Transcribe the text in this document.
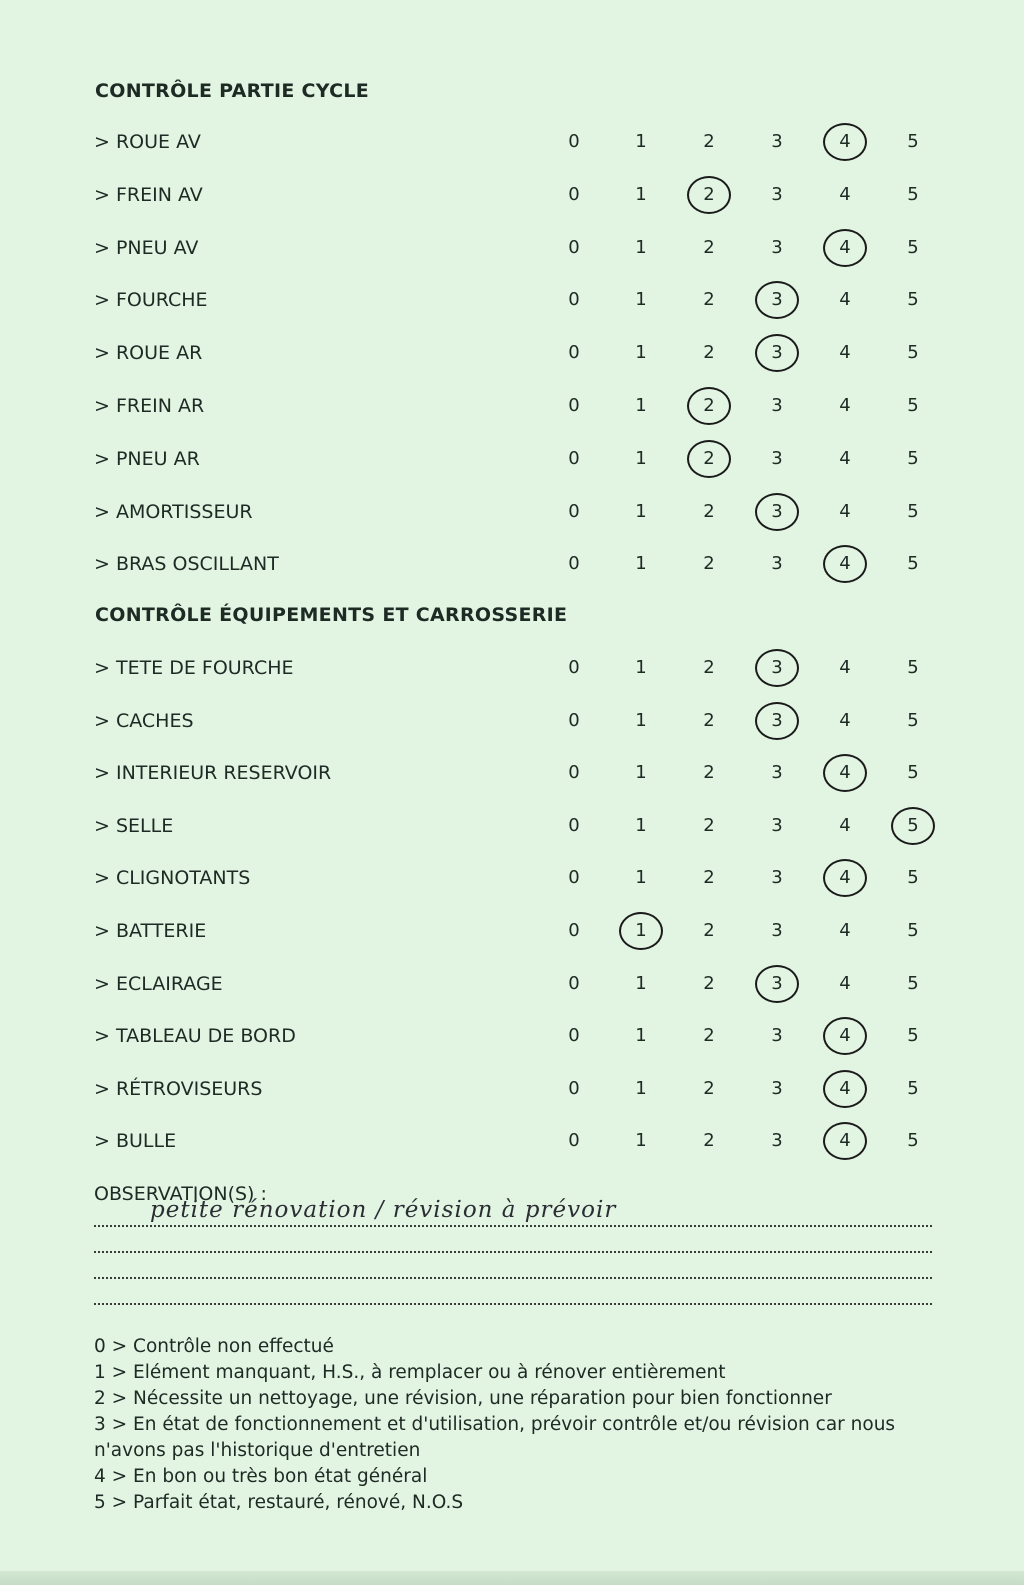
CONTRÔLE PARTIE CYCLE
> ROUE AV	0	1	2	3	4	5
> FREIN AV	0	1	2	3	4	5
> PNEU AV	0	1	2	3	4	5
> FOURCHE	0	1	2	3	4	5
> ROUE AR	0	1	2	3	4	5
> FREIN AR	0	1	2	3	4	5
> PNEU AR	0	1	2	3	4	5
> AMORTISSEUR	0	1	2	3	4	5
> BRAS OSCILLANT	0	1	2	3	4	5
CONTRÔLE ÉQUIPEMENTS ET CARROSSERIE
> TETE DE FOURCHE	0	1	2	3	4	5
> CACHES	0	1	2	3	4	5
> INTERIEUR RESERVOIR	0	1	2	3	4	5
> SELLE	0	1	2	3	4	5
> CLIGNOTANTS	0	1	2	3	4	5
> BATTERIE	0	1	2	3	4	5
> ECLAIRAGE	0	1	2	3	4	5
> TABLEAU DE BORD	0	1	2	3	4	5
> RÉTROVISEURS	0	1	2	3	4	5
> BULLE	0	1	2	3	4	5
OBSERVATION(S) :
petite rénovation / révision à prévoir
0 > Contrôle non effectué
1 > Elément manquant, H.S., à remplacer ou à rénover entièrement
2 > Nécessite un nettoyage, une révision, une réparation pour bien fonctionner
3 > En état de fonctionnement et d'utilisation, prévoir contrôle et/ou révision car nous n'avons pas l'historique d'entretien
4 > En bon ou très bon état général
5 > Parfait état, restauré, rénové, N.O.S
